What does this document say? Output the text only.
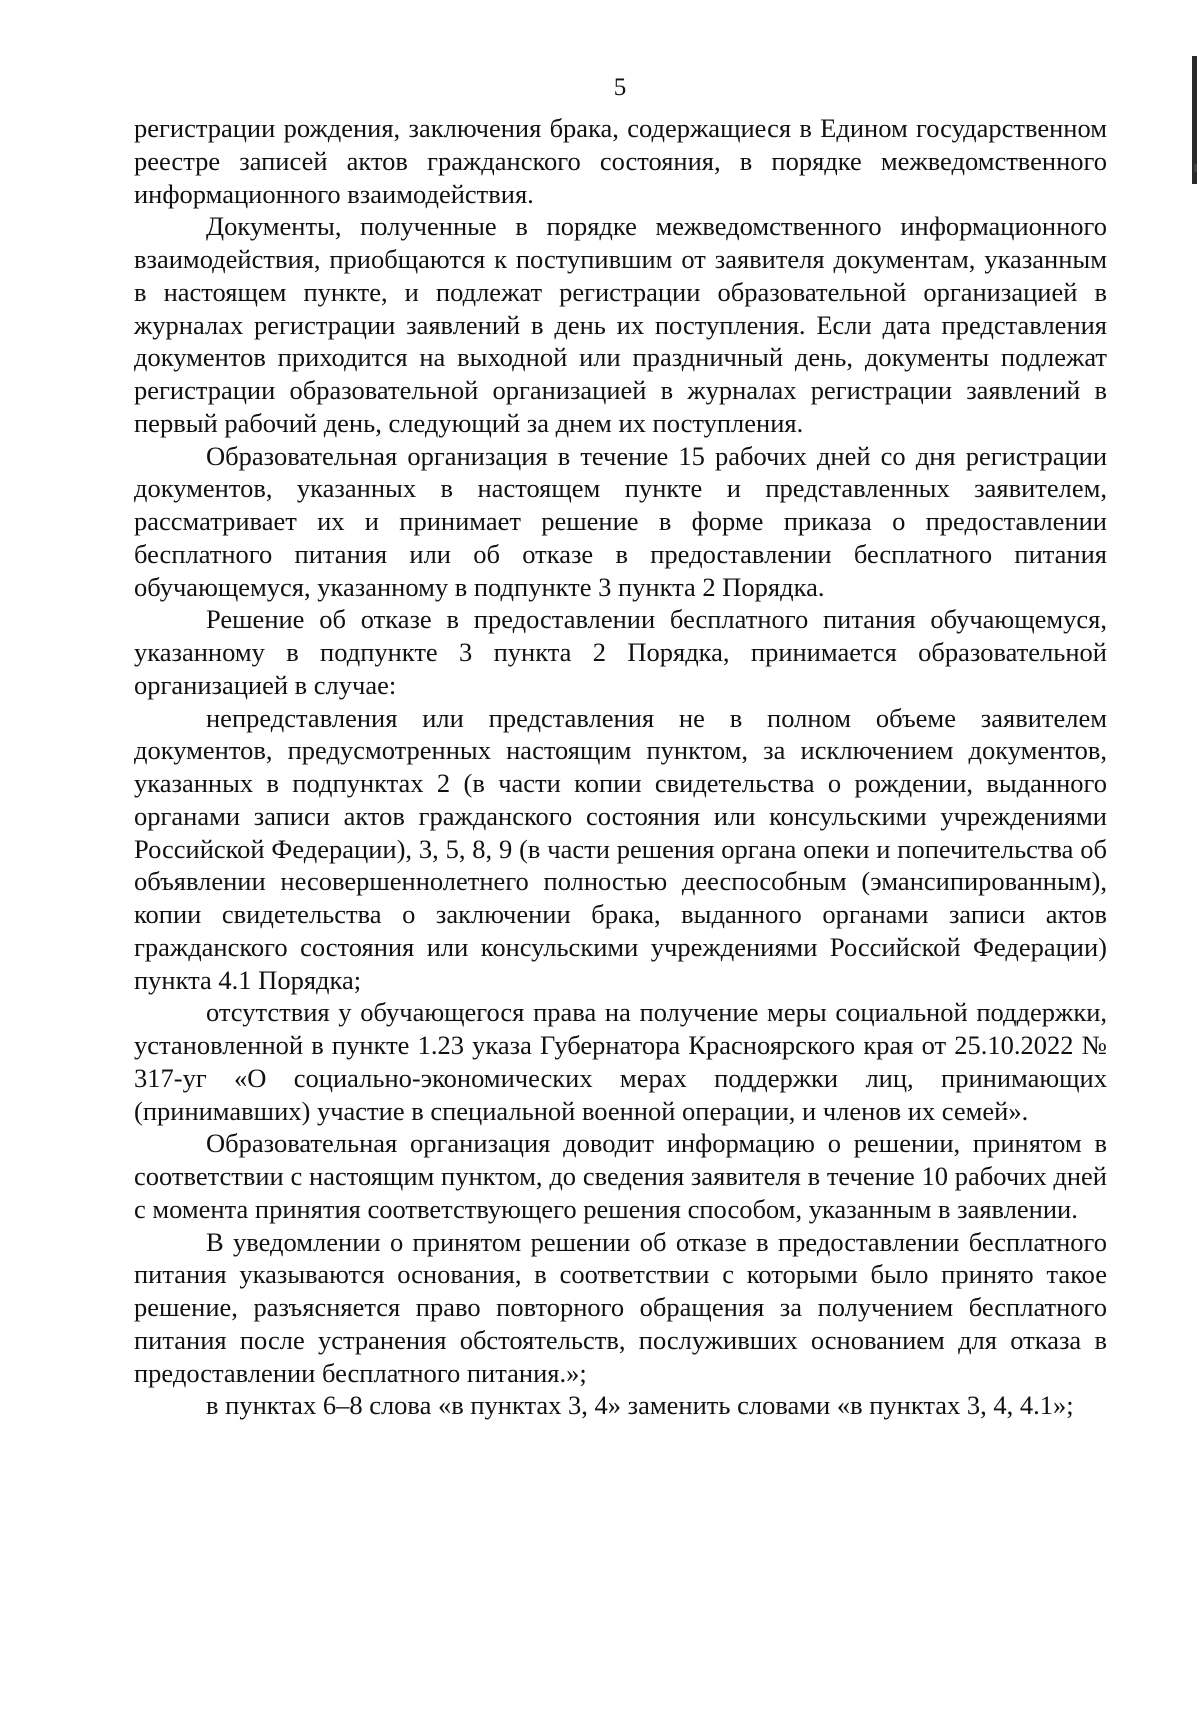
5

регистрации рождения, заключения брака, содержащиеся в Едином государственном реестре записей актов гражданского состояния, в порядке межведомственного информационного взаимодействия.

Документы, полученные в порядке межведомственного информационного взаимодействия, приобщаются к поступившим от заявителя документам, указанным в настоящем пункте, и подлежат регистрации образовательной организацией в журналах регистрации заявлений в день их поступления. Если дата представления документов приходится на выходной или праздничный день, документы подлежат регистрации образовательной организацией в журналах регистрации заявлений в первый рабочий день, следующий за днем их поступления.

Образовательная организация в течение 15 рабочих дней со дня регистрации документов, указанных в настоящем пункте и представленных заявителем, рассматривает их и принимает решение в форме приказа о предоставлении бесплатного питания или об отказе в предоставлении бесплатного питания обучающемуся, указанному в подпункте 3 пункта 2 Порядка.

Решение об отказе в предоставлении бесплатного питания обучающемуся, указанному в подпункте 3 пункта 2 Порядка, принимается образовательной организацией в случае:

непредставления или представления не в полном объеме заявителем документов, предусмотренных настоящим пунктом, за исключением документов, указанных в подпунктах 2 (в части копии свидетельства о рождении, выданного органами записи актов гражданского состояния или консульскими учреждениями Российской Федерации), 3, 5, 8, 9 (в части решения органа опеки и попечительства об объявлении несовершеннолетнего полностью дееспособным (эмансипированным), копии свидетельства о заключении брака, выданного органами записи актов гражданского состояния или консульскими учреждениями Российской Федерации) пункта 4.1 Порядка;

отсутствия у обучающегося права на получение меры социальной поддержки, установленной в пункте 1.23 указа Губернатора Красноярского края от 25.10.2022 № 317-уг «О социально-экономических мерах поддержки лиц, принимающих (принимавших) участие в специальной военной операции, и членов их семей».

Образовательная организация доводит информацию о решении, принятом в соответствии с настоящим пунктом, до сведения заявителя в течение 10 рабочих дней с момента принятия соответствующего решения способом, указанным в заявлении.

В уведомлении о принятом решении об отказе в предоставлении бесплатного питания указываются основания, в соответствии с которыми было принято такое решение, разъясняется право повторного обращения за получением бесплатного питания после устранения обстоятельств, послуживших основанием для отказа в предоставлении бесплатного питания.»;

в пунктах 6–8 слова «в пунктах 3, 4» заменить словами «в пунктах 3, 4, 4.1»;
